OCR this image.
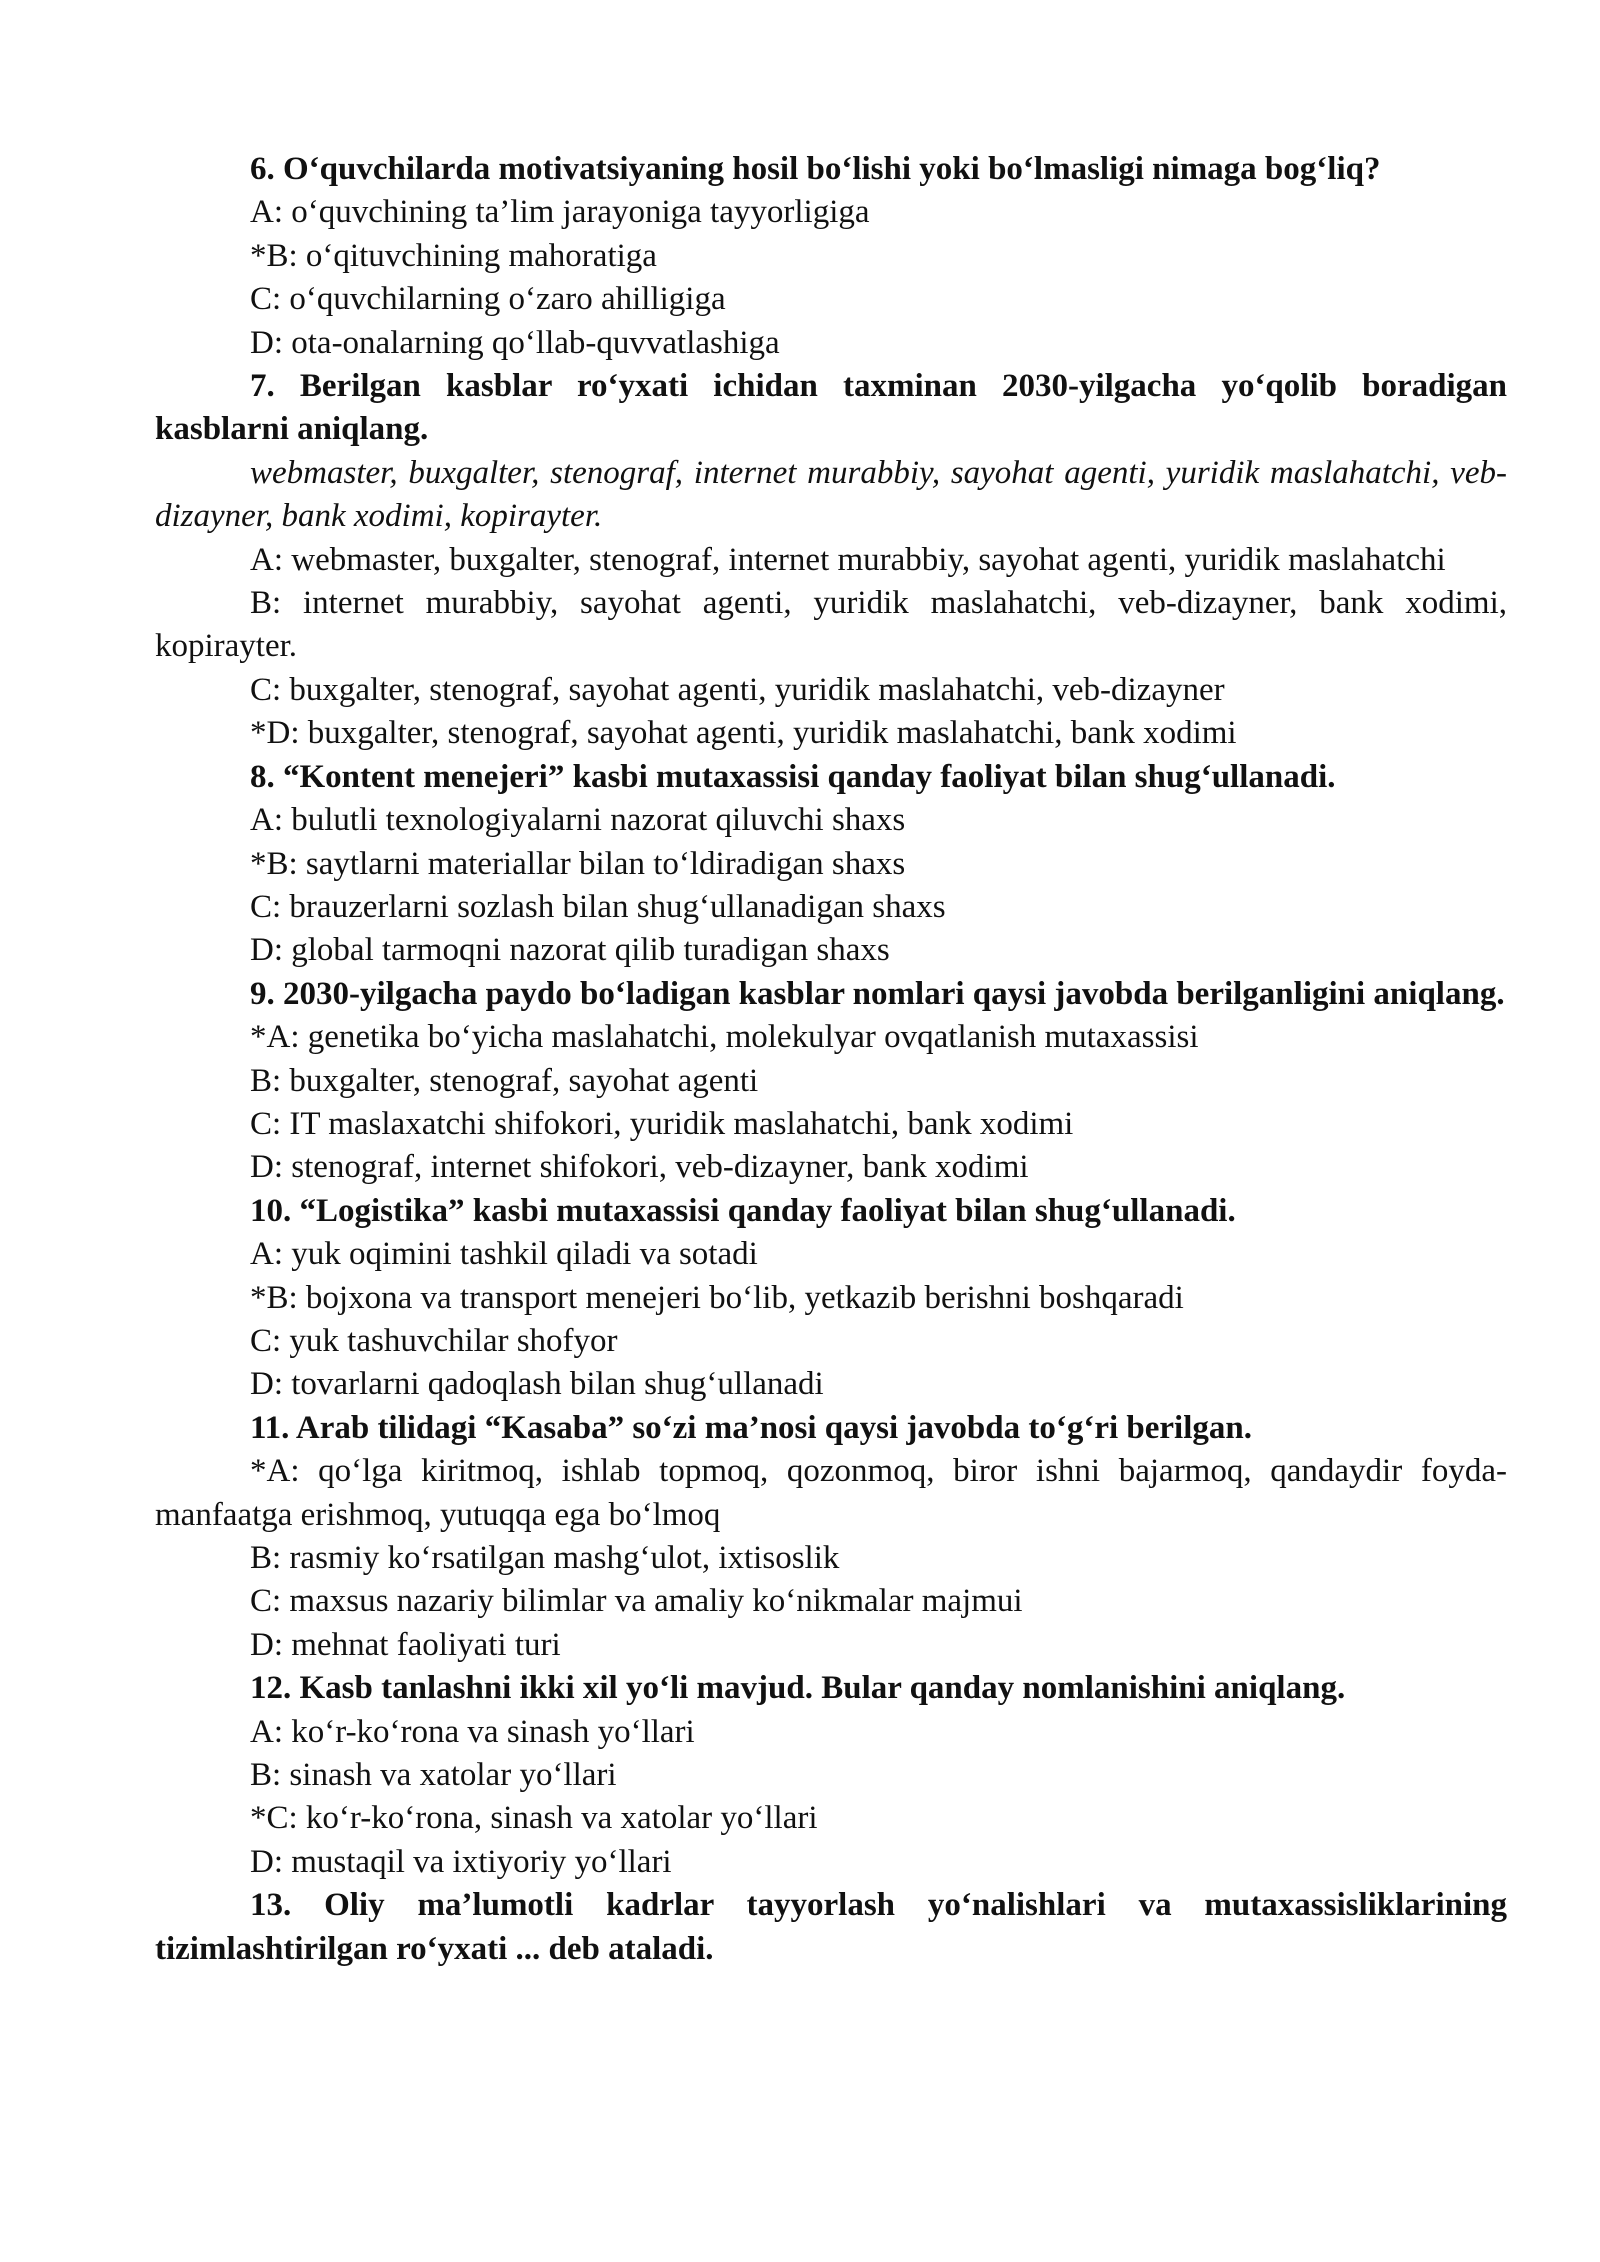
6. O‘quvchilarda motivatsiyaning hosil bo‘lishi yoki bo‘lmasligi nimaga bog‘liq?

A: o‘quvchining ta’lim jarayoniga tayyorligiga

*B: o‘qituvchining mahoratiga

C: o‘quvchilarning o‘zaro ahilligiga

D: ota-onalarning qo‘llab-quvvatlashiga

7. Berilgan kasblar ro‘yxati ichidan taxminan 2030-yilgacha yo‘qolib boradigan kasblarni aniqlang.

webmaster, buxgalter, stenograf, internet murabbiy, sayohat agenti, yuridik maslahatchi, veb-dizayner, bank xodimi, kopirayter.

A: webmaster, buxgalter, stenograf, internet murabbiy, sayohat agenti, yuridik maslahatchi

B: internet murabbiy, sayohat agenti, yuridik maslahatchi, veb-dizayner, bank xodimi, kopirayter.

C: buxgalter, stenograf, sayohat agenti, yuridik maslahatchi, veb-dizayner

*D: buxgalter, stenograf, sayohat agenti, yuridik maslahatchi, bank xodimi

8. “Kontent menejeri” kasbi mutaxassisi qanday faoliyat bilan shug‘ullanadi.

A: bulutli texnologiyalarni nazorat qiluvchi shaxs

*B: saytlarni materiallar bilan to‘ldiradigan shaxs

C: brauzerlarni sozlash bilan shug‘ullanadigan shaxs

D: global tarmoqni nazorat qilib turadigan shaxs

9. 2030-yilgacha paydo bo‘ladigan kasblar nomlari qaysi javobda berilganligini aniqlang.

*A: genetika bo‘yicha maslahatchi, molekulyar ovqatlanish mutaxassisi

B: buxgalter, stenograf, sayohat agenti

C: IT maslaxatchi shifokori, yuridik maslahatchi, bank xodimi

D: stenograf, internet shifokori, veb-dizayner, bank xodimi

10. “Logistika” kasbi mutaxassisi qanday faoliyat bilan shug‘ullanadi.

A: yuk oqimini tashkil qiladi va sotadi

*B: bojxona va transport menejeri bo‘lib, yetkazib berishni boshqaradi

C: yuk tashuvchilar shofyor

D: tovarlarni qadoqlash bilan shug‘ullanadi

11. Arab tilidagi “Kasaba” so‘zi ma’nosi qaysi javobda to‘g‘ri berilgan.

*A: qo‘lga kiritmoq, ishlab topmoq, qozonmoq, biror ishni bajarmoq, qandaydir foyda-manfaatga erishmoq, yutuqqa ega bo‘lmoq

B: rasmiy ko‘rsatilgan mashg‘ulot, ixtisoslik

C: maxsus nazariy bilimlar va amaliy ko‘nikmalar majmui

D: mehnat faoliyati turi

12. Kasb tanlashni ikki xil yo‘li mavjud. Bular qanday nomlanishini aniqlang.

A: ko‘r-ko‘rona va sinash yo‘llari

B: sinash va xatolar yo‘llari

*C: ko‘r-ko‘rona, sinash va xatolar yo‘llari

D: mustaqil va ixtiyoriy yo‘llari

13. Oliy ma’lumotli kadrlar tayyorlash yo‘nalishlari va mutaxassisliklarining tizimlashtirilgan ro‘yxati ... deb ataladi.
